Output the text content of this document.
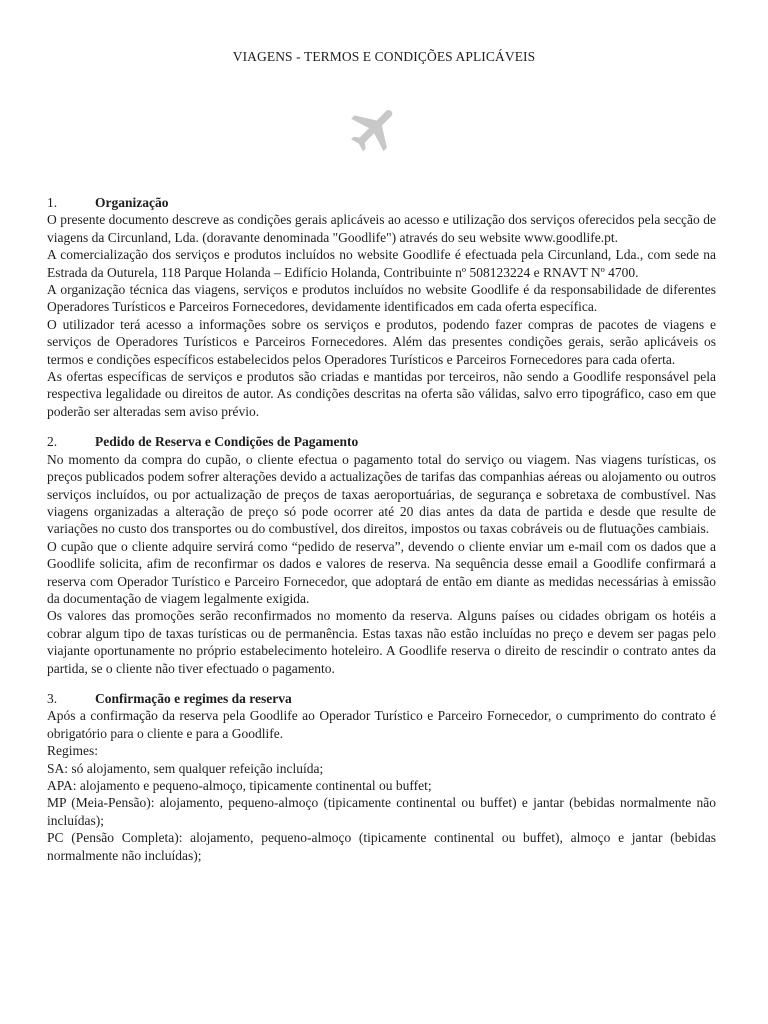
VIAGENS - TERMOS E CONDIÇÕES APLICÁVEIS
1.	Organização

O presente documento descreve as condições gerais aplicáveis ao acesso e utilização dos serviços oferecidos pela secção de viagens da Circunland, Lda. (doravante denominada "Goodlife") através do seu website www.goodlife.pt.

A comercialização dos serviços e produtos incluídos no website Goodlife é efectuada pela Circunland, Lda., com sede na Estrada da Outurela, 118 Parque Holanda – Edifício Holanda, Contribuinte nº 508123224 e RNAVT Nº 4700.

A organização técnica das viagens, serviços e produtos incluídos no website Goodlife é da responsabilidade de diferentes Operadores Turísticos e Parceiros Fornecedores, devidamente identificados em cada oferta específica.

O utilizador terá acesso a informações sobre os serviços e produtos, podendo fazer compras de pacotes de viagens e serviços de Operadores Turísticos e Parceiros Fornecedores. Além das presentes condições gerais, serão aplicáveis os termos e condições específicos estabelecidos pelos Operadores Turísticos e Parceiros Fornecedores para cada oferta.

As ofertas específicas de serviços e produtos são criadas e mantidas por terceiros, não sendo a Goodlife responsável pela respectiva legalidade ou direitos de autor. As condições descritas na oferta são válidas, salvo erro tipográfico, caso em que poderão ser alteradas sem aviso prévio.

2.	Pedido de Reserva e Condições de Pagamento

No momento da compra do cupão, o cliente efectua o pagamento total do serviço ou viagem. Nas viagens turísticas, os preços publicados podem sofrer alterações devido a actualizações de tarifas das companhias aéreas ou alojamento ou outros serviços incluídos, ou por actualização de preços de taxas aeroportuárias, de segurança e sobretaxa de combustível. Nas viagens organizadas a alteração de preço só pode ocorrer até 20 dias antes da data de partida e desde que resulte de variações no custo dos transportes ou do combustível, dos direitos, impostos ou taxas cobráveis ou de flutuações cambiais.

O cupão que o cliente adquire servirá como “pedido de reserva”, devendo o cliente enviar um e-mail com os dados que a Goodlife solicita, afim de reconfirmar os dados e valores de reserva. Na sequência desse email a Goodlife confirmará a reserva com Operador Turístico e Parceiro Fornecedor, que adoptará de então em diante as medidas necessárias à emissão da documentação de viagem legalmente exigida.

Os valores das promoções serão reconfirmados no momento da reserva. Alguns países ou cidades obrigam os hotéis a cobrar algum tipo de taxas turísticas ou de permanência. Estas taxas não estão incluídas no preço e devem ser pagas pelo viajante oportunamente no próprio estabelecimento hoteleiro. A Goodlife reserva o direito de rescindir o contrato antes da partida, se o cliente não tiver efectuado o pagamento.

3.	Confirmação e regimes da reserva

Após a confirmação da reserva pela Goodlife ao Operador Turístico e Parceiro Fornecedor, o cumprimento do contrato é obrigatório para o cliente e para a Goodlife.

Regimes:

SA: só alojamento, sem qualquer refeição incluída;

APA: alojamento e pequeno-almoço, tipicamente continental ou buffet;

MP (Meia-Pensão): alojamento, pequeno-almoço (tipicamente continental ou buffet) e jantar (bebidas normalmente não incluídas);

PC (Pensão Completa): alojamento, pequeno-almoço (tipicamente continental ou buffet), almoço e jantar (bebidas normalmente não incluídas);
